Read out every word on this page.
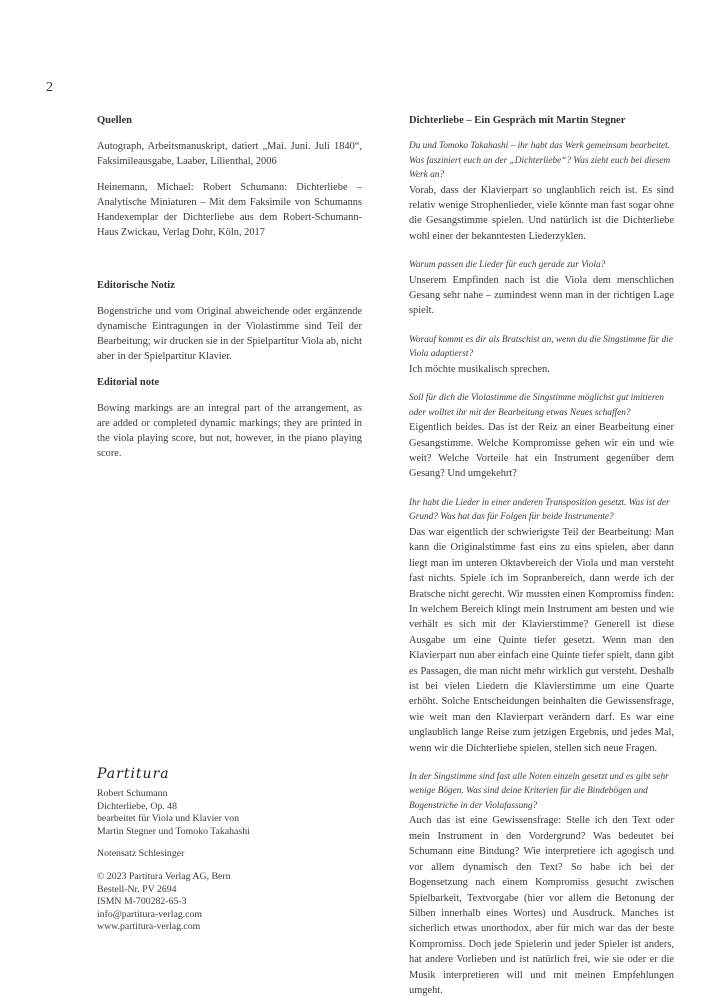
2
Quellen

Autograph, Arbeitsmanuskript, datiert „Mai. Juni. Juli 1840“, Faksimileausgabe, Laaber, Lilienthal, 2006

Heinemann, Michael: Robert Schumann: Dichterliebe – Analytische Miniaturen – Mit dem Faksimile von Schumanns Handexemplar der Dichterliebe aus dem Robert-Schumann-Haus Zwickau, Verlag Dohr, Köln, 2017

Editorische Notiz

Bogenstriche und vom Original abweichende oder ergänzende dynamische Eintragungen in der Violastimme sind Teil der Bearbeitung; wir drucken sie in der Spielpartitur Viola ab, nicht aber in der Spielpartitur Klavier.

Editorial note

Bowing markings are an integral part of the arrangement, as are added or completed dynamic markings; they are printed in the viola playing score, but not, however, in the piano playing score.

Partitura
Robert Schumann
Dichterliebe, Op. 48
bearbeitet für Viola und Klavier von
Martin Stegner und Tomoko Takahashi
Notensatz Schlesinger
© 2023 Partitura Verlag AG, Bern
Bestell-Nr. PV 2694
ISMN M-700282-65-3
info@partitura-verlag.com
www.partitura-verlag.com
Dichterliebe – Ein Gespräch mit Martin Stegner

Du und Tomoko Takahashi – ihr habt das Werk gemeinsam bearbeitet. Was fasziniert euch an der „Dichterliebe“? Was zieht euch bei diesem Werk an?

Vorab, dass der Klavierpart so unglaublich reich ist. Es sind relativ wenige Strophenlieder, viele könnte man fast sogar ohne die Gesangstimme spielen. Und natürlich ist die Dichterliebe wohl einer der bekanntesten Liederzyklen.

Warum passen die Lieder für euch gerade zur Viola?

Unserem Empfinden nach ist die Viola dem menschlichen Gesang sehr nahe – zumindest wenn man in der richtigen Lage spielt.

Worauf kommt es dir als Bratschist an, wenn du die Singstimme für die Viola adaptierst?

Ich möchte musikalisch sprechen.

Soll für dich die Violastimme die Singstimme möglichst gut imitieren oder wolltet ihr mit der Bearbeitung etwas Neues schaffen?

Eigentlich beides. Das ist der Reiz an einer Bearbeitung einer Gesangstimme. Welche Kompromisse gehen wir ein und wie weit? Welche Vorteile hat ein Instrument gegenüber dem Gesang? Und umgekehrt?

Ihr habt die Lieder in einer anderen Transposition gesetzt. Was ist der Grund? Was hat das für Folgen für beide Instrumente?

Das war eigentlich der schwierigste Teil der Bearbeitung: Man kann die Originalstimme fast eins zu eins spielen, aber dann liegt man im unteren Oktavbereich der Viola und man versteht fast nichts. Spiele ich im Sopranbereich, dann werde ich der Bratsche nicht gerecht. Wir mussten einen Kompromiss finden: In welchem Bereich klingt mein Instrument am besten und wie verhält es sich mit der Klavierstimme? Generell ist diese Ausgabe um eine Quinte tiefer gesetzt. Wenn man den Klavierpart nun aber einfach eine Quinte tiefer spielt, dann gibt es Passagen, die man nicht mehr wirklich gut versteht. Deshalb ist bei vielen Liedern die Klavierstimme um eine Quarte erhöht. Solche Entscheidungen beinhalten die Gewissensfrage, wie weit man den Klavierpart verändern darf. Es war eine unglaublich lange Reise zum jetzigen Ergebnis, und jedes Mal, wenn wir die Dichterliebe spielen, stellen sich neue Fragen.

In der Singstimme sind fast alle Noten einzeln gesetzt und es gibt sehr wenige Bögen. Was sind deine Kriterien für die Bindebögen und Bogenstriche in der Violafassung?

Auch das ist eine Gewissensfrage: Stelle ich den Text oder mein Instrument in den Vordergrund? Was bedeutet bei Schumann eine Bindung? Wie interpretiere ich agogisch und vor allem dynamisch den Text? So habe ich bei der Bogensetzung nach einem Kompromiss gesucht zwischen Spielbarkeit, Textvorgabe (hier vor allem die Betonung der Silben innerhalb eines Wortes) und Ausdruck. Manches ist sicherlich etwas unorthodox, aber für mich war das der beste Kompromiss. Doch jede Spielerin und jeder Spieler ist anders, hat andere Vorlieben und ist natürlich frei, wie sie oder er die Musik interpretieren will und mit meinen Empfehlungen umgeht.
